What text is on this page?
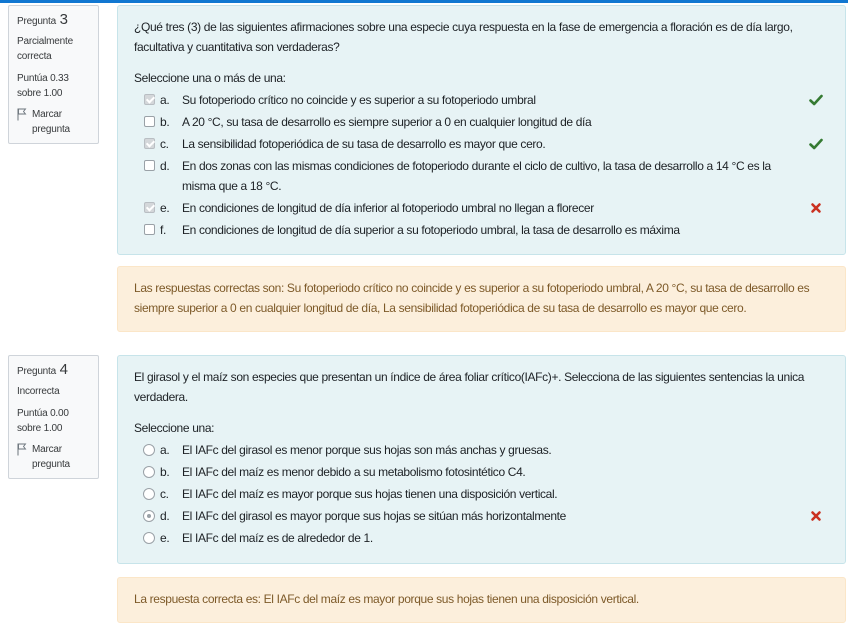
Pregunta 3
Parcialmente
correcta
Puntúa 0.33
sobre 1.00
Marcar
pregunta
¿Qué tres (3) de las siguientes afirmaciones sobre una especie cuya respuesta en la fase de emergencia a floración es de día largo, facultativa y cuantitativa son verdaderas?
Seleccione una o más de una:
a.	Su fotoperiodo crítico no coincide y es superior a su fotoperiodo umbral
b.	A 20 °C, su tasa de desarrollo es siempre superior a 0 en cualquier longitud de día
c.	La sensibilidad fotoperiódica de su tasa de desarrollo es mayor que cero.
d.	En dos zonas con las mismas condiciones de fotoperiodo durante el ciclo de cultivo, la tasa de desarrollo a 14 °C es la misma que a 18 °C.
e.	En condiciones de longitud de día inferior al fotoperiodo umbral no llegan a florecer
f.	En condiciones de longitud de día superior a su fotoperiodo umbral, la tasa de desarrollo es máxima
Las respuestas correctas son: Su fotoperiodo crítico no coincide y es superior a su fotoperiodo umbral, A 20 °C, su tasa de desarrollo es siempre superior a 0 en cualquier longitud de día, La sensibilidad fotoperiódica de su tasa de desarrollo es mayor que cero.
Pregunta 4
Incorrecta
Puntúa 0.00
sobre 1.00
Marcar
pregunta
El girasol y el maíz son especies que presentan un índice de área foliar crítico(IAFc)+. Selecciona de las siguientes sentencias la unica verdadera.
Seleccione una:
a.	El IAFc del girasol es menor porque sus hojas son más anchas y gruesas.
b.	El IAFc del maíz es menor debido a su metabolismo fotosintético C4.
c.	El IAFc del maíz es mayor porque sus hojas tienen una disposición vertical.
d.	El IAFc del girasol es mayor porque sus hojas se sitúan más horizontalmente
e.	El IAFc del maíz es de alrededor de 1.
La respuesta correcta es: El IAFc del maíz es mayor porque sus hojas tienen una disposición vertical.
